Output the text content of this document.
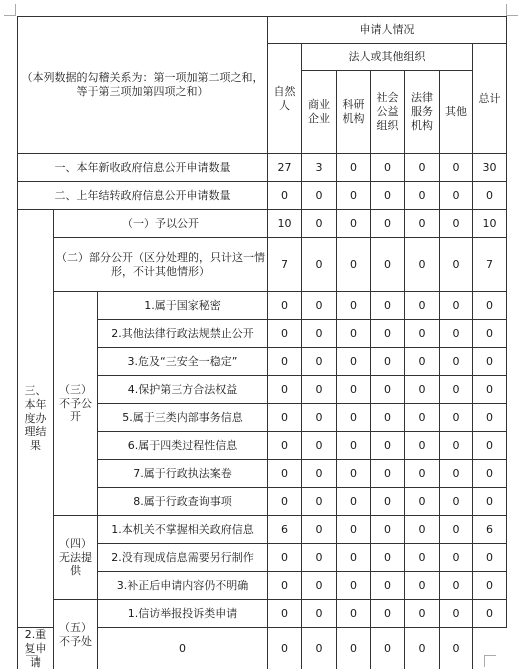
（本列数据的勾稽关系为：第一项加第二项之和，等于第三项加第四项之和）			申请人情况						
			自然人	法人或其他组织					总计
				商业企业	科研机构	社会公益组织	法律服务机构	其他	
一、本年新收政府信息公开申请数量			27	3	0	0	0	0	30
二、上年结转政府信息公开申请数量			0	0	0	0	0	0	0
三、本年度办理结果	（一）予以公开		10	0	0	0	0	0	10
	（二）部分公开（区分处理的，只计这一情形，不计其他情形）		7	0	0	0	0	0	7
	（三）不予公开	1.属于国家秘密	0	0	0	0	0	0	0
		2.其他法律行政法规禁止公开	0	0	0	0	0	0	0
		3.危及“三安全一稳定”	0	0	0	0	0	0	0
		4.保护第三方合法权益	0	0	0	0	0	0	0
		5.属于三类内部事务信息	0	0	0	0	0	0	0
		6.属于四类过程性信息	0	0	0	0	0	0	0
		7.属于行政执法案卷	0	0	0	0	0	0	0
		8.属于行政查询事项	0	0	0	0	0	0	0
	（四）无法提供	1.本机关不掌握相关政府信息	6	0	0	0	0	0	6
		2.没有现成信息需要另行制作	0	0	0	0	0	0	0
		3.补正后申请内容仍不明确	0	0	0	0	0	0	0
	（五）不予处	1.信访举报投诉类申请	0	0	0	0	0	0	0
2.重复申请		0	0	0	0	0	0	0	
